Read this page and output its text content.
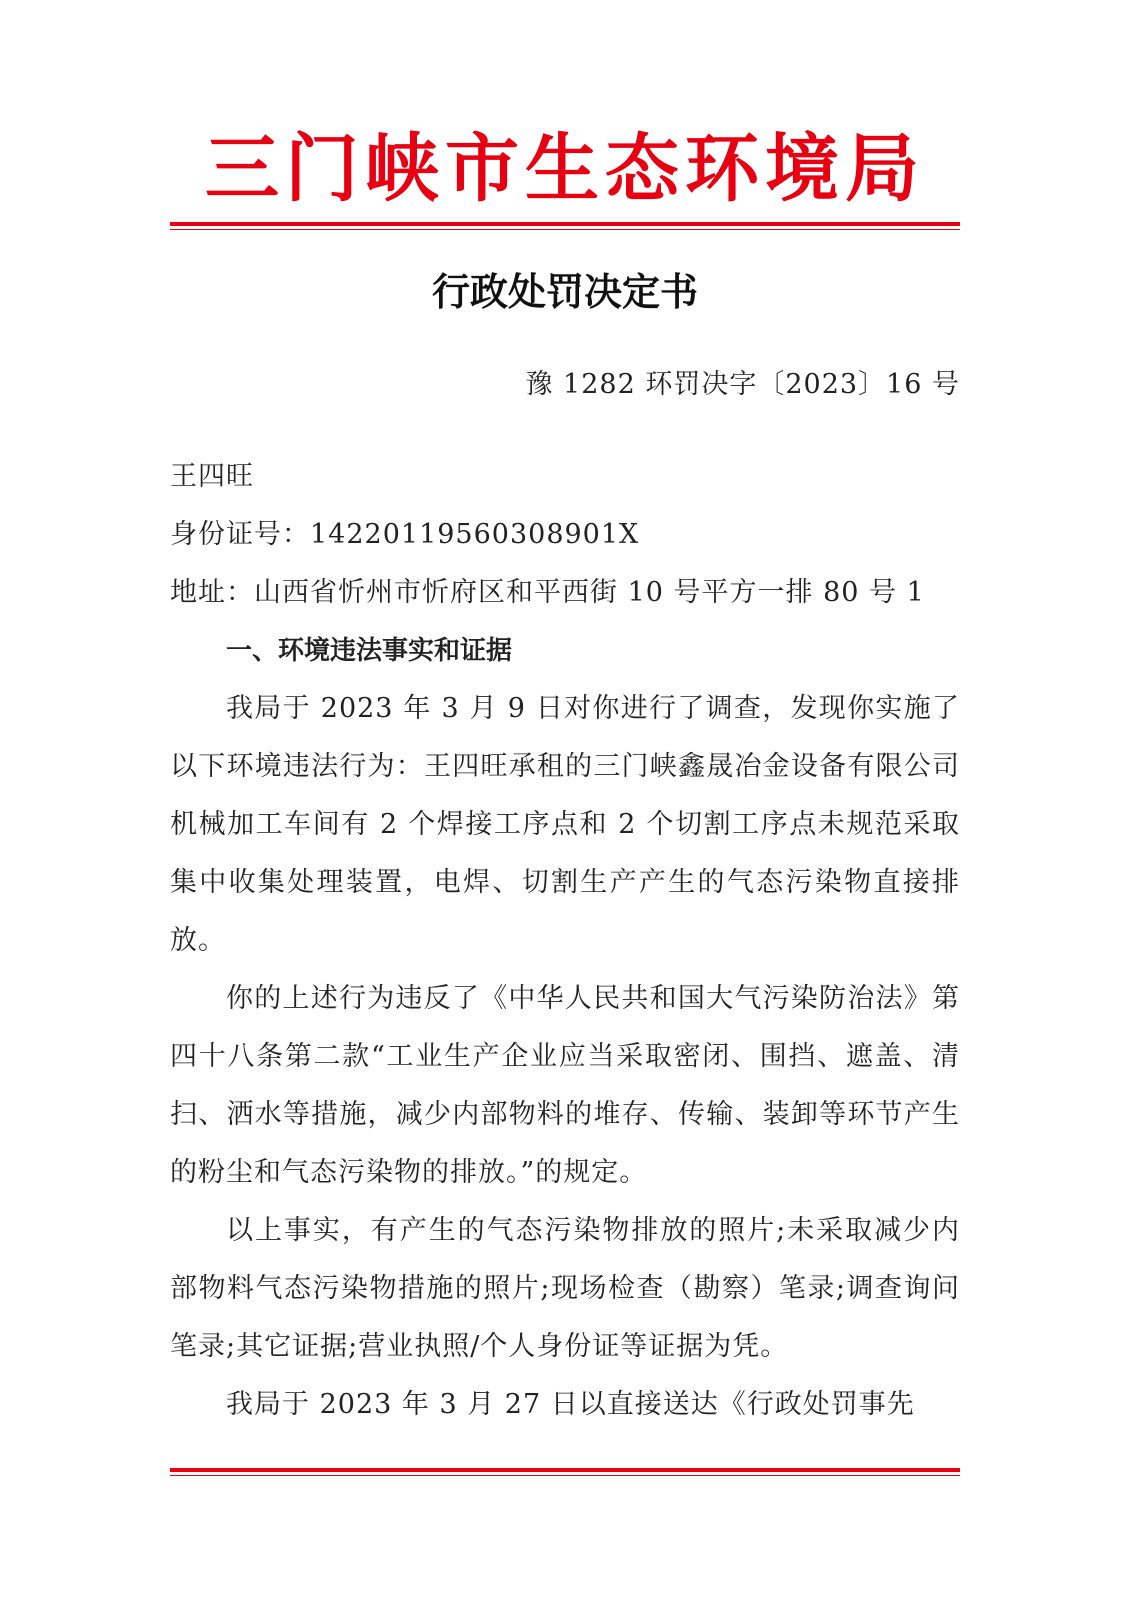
三门峡市生态环境局
行政处罚决定书
豫 1282 环罚决字〔2023〕16 号
王四旺
身份证号：14220119560308901X
地址：山西省忻州市忻府区和平西街 10 号平方一排 80 号 1
一、环境违法事实和证据

我局于 2023 年 3 月 9 日对你进行了调查，发现你实施了以下环境违法行为：王四旺承租的三门峡鑫晟冶金设备有限公司机械加工车间有 2 个焊接工序点和 2 个切割工序点未规范采取集中收集处理装置，电焊、切割生产产生的气态污染物直接排放。

你的上述行为违反了《中华人民共和国大气污染防治法》第四十八条第二款“工业生产企业应当采取密闭、围挡、遮盖、清扫、洒水等措施，减少内部物料的堆存、传输、装卸等环节产生的粉尘和气态污染物的排放。”的规定。

以上事实，有产生的气态污染物排放的照片;未采取减少内部物料气态污染物措施的照片;现场检查（勘察）笔录;调查询问笔录;其它证据;营业执照/个人身份证等证据为凭。

我局于 2023 年 3 月 27 日以直接送达《行政处罚事先
